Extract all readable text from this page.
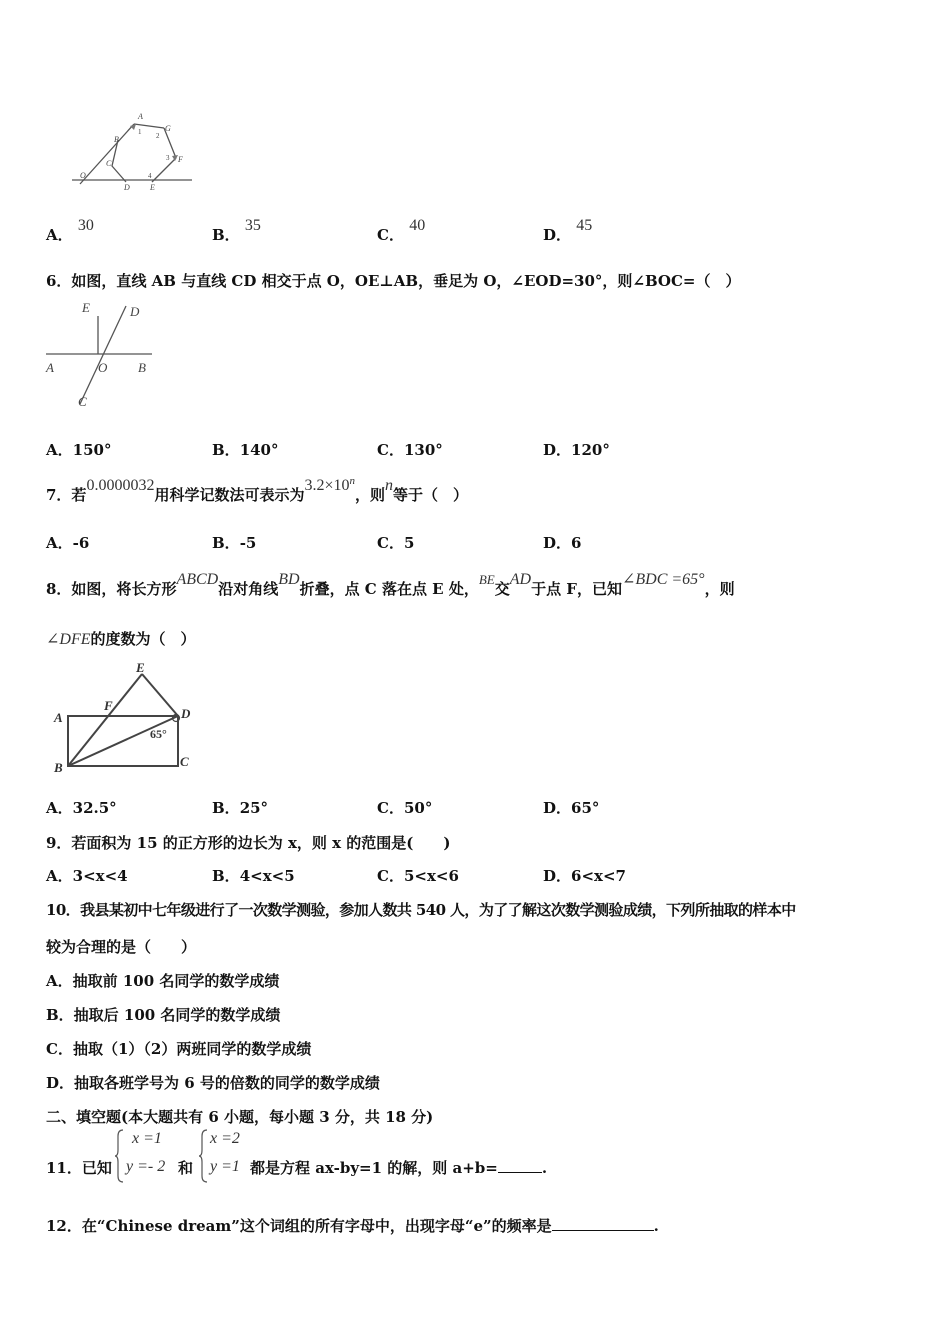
A
1	G
2
B
C
3 F
O
D
4
E
A． 30
B． 35
C． 40
D． 45
6．如图，直线 AB 与直线 CD 相交于点 O，OE⊥AB，垂足为 O，∠EOD=30°，则∠BOC=（　）
E	D
A	O B
C
A．150°	B．140°	C．130°	D．120°
7．若0.0000032用科学记数法可表示为$3.2\times 10^n$，则n等于（　）
A．-6	B．-5	C．5	D．6
8．如图，将长方形ABCD沿对角线BD折叠，点 C 落在点 E 处，BE交AD于点 F，已知∠BDC =65°，则
∠DFE的度数为（　）
E
A
F
D
65°
B	C
A．32.5°	B．25°	C．50°	D．65°
9．若面积为 15 的正方形的边长为 x，则 x 的范围是(　　)
A．3<x<4	B．4<x<5	C．5<x<6	D．6<x<7
10．我县某初中七年级进行了一次数学测验，参加人数共 540 人，为了了解这次数学测验成绩，下列所抽取的样本中
较为合理的是（　　）
A．抽取前 100 名同学的数学成绩
B．抽取后 100 名同学的数学成绩
C．抽取（1）（2）两班同学的数学成绩
D．抽取各班学号为 6 号的倍数的同学的数学成绩
二、填空题(本大题共有 6 小题，每小题 3 分，共 18 分)
11．已知
x =1
y =- 2 和
x =2
y =1 都是方程 ax-by=1 的解，则 a+b=	.
12．在“Chinese dream”这个词组的所有字母中，出现字母“e”的频率是	.
